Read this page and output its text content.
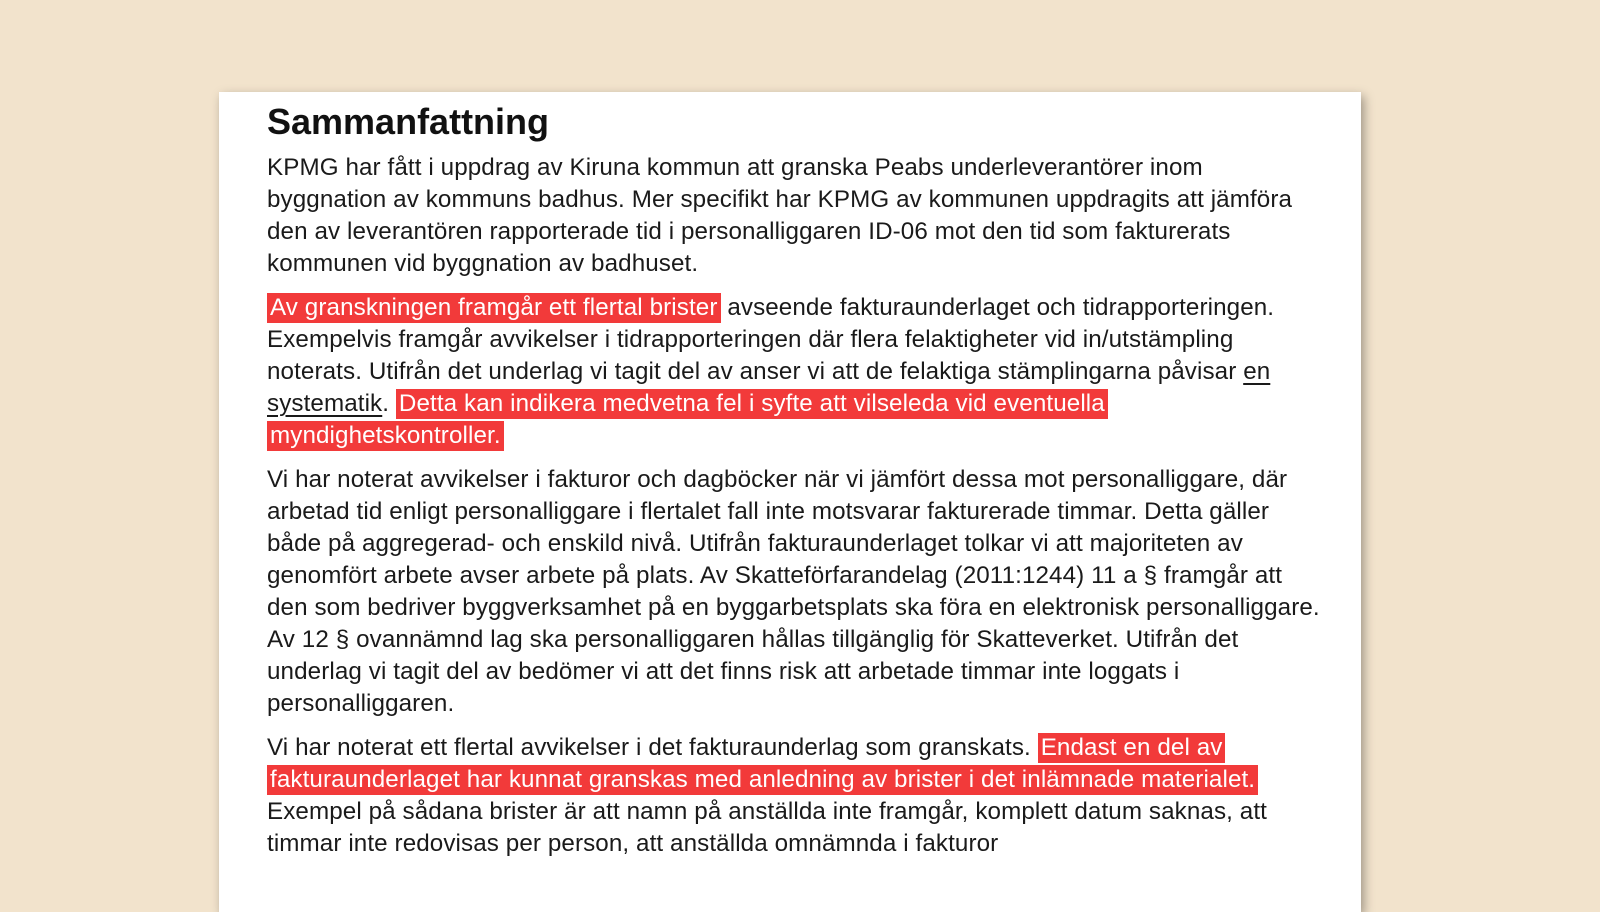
Sammanfattning

KPMG har fått i uppdrag av Kiruna kommun att granska Peabs underleverantörer inom byggnation av kommuns badhus. Mer specifikt har KPMG av kommunen uppdragits att jämföra den av leverantören rapporterade tid i personalliggaren ID-06 mot den tid som fakturerats kommunen vid byggnation av badhuset.

Av granskningen framgår ett flertal brister avseende fakturaunderlaget och tidrapporteringen. Exempelvis framgår avvikelser i tidrapporteringen där flera felaktigheter vid in/utstämpling noterats. Utifrån det underlag vi tagit del av anser vi att de felaktiga stämplingarna påvisar en systematik. Detta kan indikera medvetna fel i syfte att vilseleda vid eventuella myndighetskontroller.

Vi har noterat avvikelser i fakturor och dagböcker när vi jämfört dessa mot personalliggare, där arbetad tid enligt personalliggare i flertalet fall inte motsvarar fakturerade timmar. Detta gäller både på aggregerad- och enskild nivå. Utifrån fakturaunderlaget tolkar vi att majoriteten av genomfört arbete avser arbete på plats. Av Skatteförfarandelag (2011:1244) 11 a § framgår att den som bedriver byggverksamhet på en byggarbetsplats ska föra en elektronisk personalliggare. Av 12 § ovannämnd lag ska personalliggaren hållas tillgänglig för Skatteverket. Utifrån det underlag vi tagit del av bedömer vi att det finns risk att arbetade timmar inte loggats i personalliggaren.

Vi har noterat ett flertal avvikelser i det fakturaunderlag som granskats. Endast en del av fakturaunderlaget har kunnat granskas med anledning av brister i det inlämnade materialet. Exempel på sådana brister är att namn på anställda inte framgår, komplett datum saknas, att timmar inte redovisas per person, att anställda omnämnda i fakturor
